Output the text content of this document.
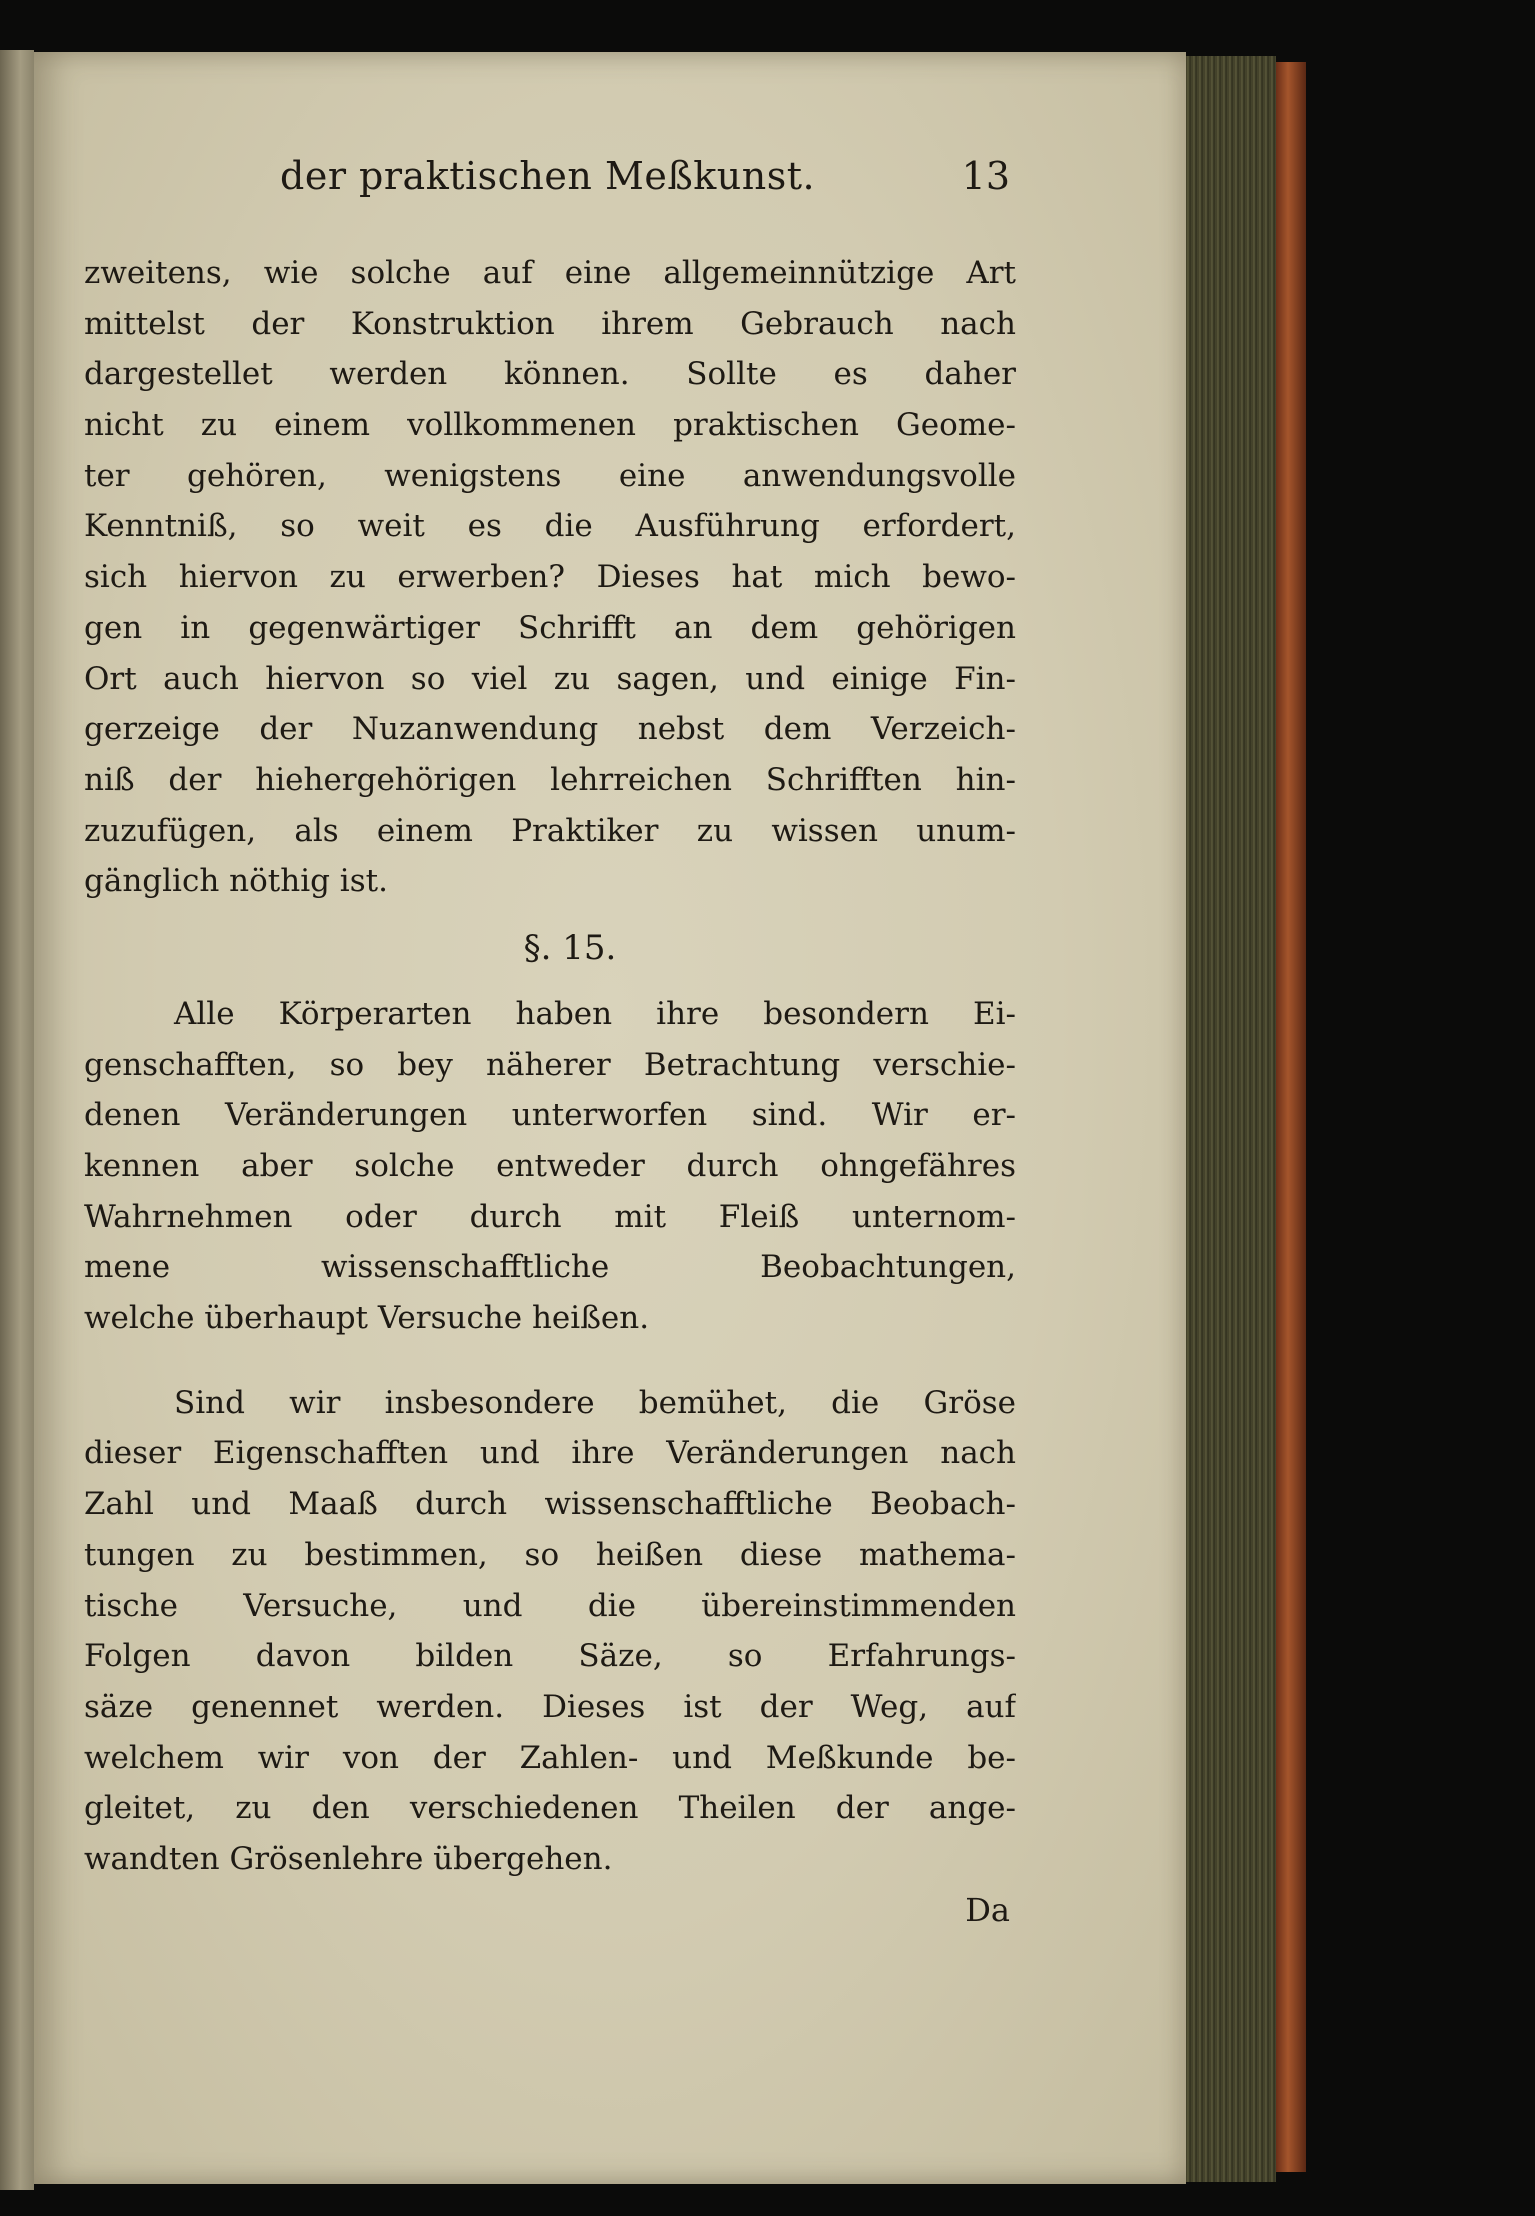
der praktischen Meßkunst.	13
zweitens, wie solche auf eine allgemeinnützige Art
mittelst der Konstruktion ihrem Gebrauch nach
dargestellet werden können. Sollte es daher
nicht zu einem vollkommenen praktischen Geome-
ter gehören, wenigstens eine anwendungsvolle
Kenntniß, so weit es die Ausführung erfordert,
sich hiervon zu erwerben? Dieses hat mich bewo-
gen in gegenwärtiger Schrifft an dem gehörigen
Ort auch hiervon so viel zu sagen, und einige Fin-
gerzeige der Nuzanwendung nebst dem Verzeich-
niß der hiehergehörigen lehrreichen Schrifften hin-
zuzufügen, als einem Praktiker zu wissen unum-
gänglich nöthig ist.
§. 15.
Alle Körperarten haben ihre besondern Ei-
genschafften, so bey näherer Betrachtung verschie-
denen Veränderungen unterworfen sind. Wir er-
kennen aber solche entweder durch ohngefähres
Wahrnehmen oder durch mit Fleiß unternom-
mene wissenschafftliche Beobachtungen,
welche überhaupt Versuche heißen.
Sind wir insbesondere bemühet, die Gröse
dieser Eigenschafften und ihre Veränderungen nach
Zahl und Maaß durch wissenschafftliche Beobach-
tungen zu bestimmen, so heißen diese mathema-
tische Versuche, und die übereinstimmenden
Folgen davon bilden Säze, so Erfahrungs-
säze genennet werden. Dieses ist der Weg, auf
welchem wir von der Zahlen- und Meßkunde be-
gleitet, zu den verschiedenen Theilen der ange-
wandten Grösenlehre übergehen.
Da
